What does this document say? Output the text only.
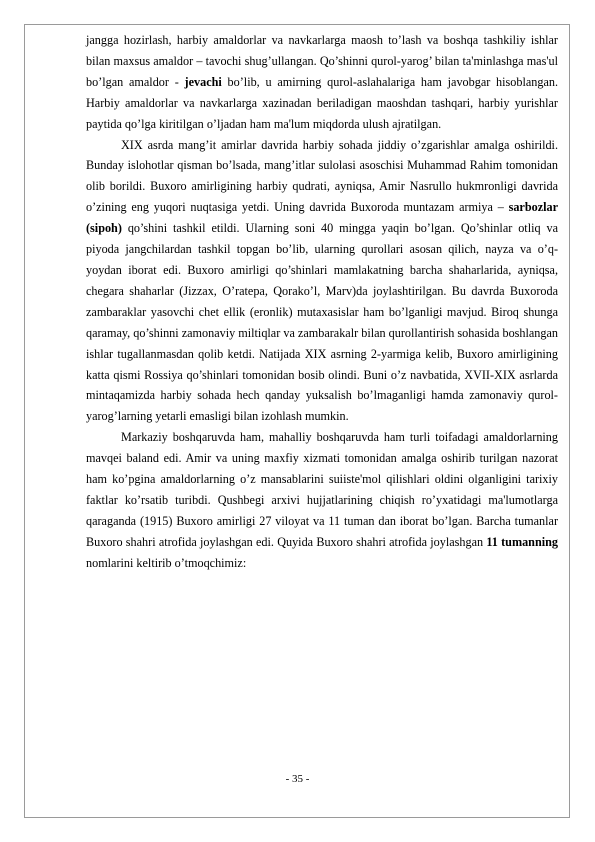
jangga hozirlash, harbiy amaldorlar va navkarlarga maosh to’lash va boshqa tashkiliy ishlar bilan maxsus amaldor – tavochi shug’ullangan. Qo’shinni qurol-yarog’ bilan ta'minlashga mas'ul bo’lgan amaldor - jevachi bo’lib, u amirning qurol-aslahalariga ham javobgar hisoblangan. Harbiy amaldorlar va navkarlarga xazinadan beriladigan maoshdan tashqari, harbiy yurishlar paytida qo’lga kiritilgan o’ljadan ham ma'lum miqdorda ulush ajratilgan.

XIX asrda mang’it amirlar davrida harbiy sohada jiddiy o’zgarishlar amalga oshirildi. Bunday islohotlar qisman bo’lsada, mang’itlar sulolasi asoschisi Muhammad Rahim tomonidan olib borildi. Buxoro amirligining harbiy qudrati, ayniqsa, Amir Nasrullo hukmronligi davrida o’zining eng yuqori nuqtasiga yetdi. Uning davrida Buxoroda muntazam armiya – sarbozlar (sipoh) qo’shini tashkil etildi. Ularning soni 40 mingga yaqin bo’lgan. Qo’shinlar otliq va piyoda jangchilardan tashkil topgan bo’lib, ularning qurollari asosan qilich, nayza va o’q-yoydan iborat edi. Buxoro amirligi qo’shinlari mamlakatning barcha shaharlarida, ayniqsa, chegara shaharlar (Jizzax, O’ratepa, Qorako’l, Marv)da joylashtirilgan. Bu davrda Buxoroda zambaraklar yasovchi chet ellik (eronlik) mutaxasislar ham bo’lganligi mavjud. Biroq shunga qaramay, qo’shinni zamonaviy miltiqlar va zambarakalr bilan qurollantirish sohasida boshlangan ishlar tugallanmasdan qolib ketdi. Natijada XIX asrning 2-yarmiga kelib, Buxoro amirligining katta qismi Rossiya qo’shinlari tomonidan bosib olindi. Buni o’z navbatida, XVII-XIX asrlarda mintaqamizda harbiy sohada hech qanday yuksalish bo’lmaganligi hamda zamonaviy qurol-yarog’larning yetarli emasligi bilan izohlash mumkin.

Markaziy boshqaruvda ham, mahalliy boshqaruvda ham turli toifadagi amaldorlarning mavqei baland edi. Amir va uning maxfiy xizmati tomonidan amalga oshirib turilgan nazorat ham ko’pgina amaldorlarning o’z mansablarini suiiste'mol qilishlari oldini olganligini tarixiy faktlar ko’rsatib turibdi. Qushbegi arxivi hujjatlarining chiqish ro’yxatidagi ma'lumotlarga qaraganda (1915) Buxoro amirligi 27 viloyat va 11 tuman dan iborat bo’lgan. Barcha tumanlar Buxoro shahri atrofida joylashgan edi. Quyida Buxoro shahri atrofida joylashgan 11 tumanning nomlarini keltirib o’tmoqchimiz:

- 35 -
